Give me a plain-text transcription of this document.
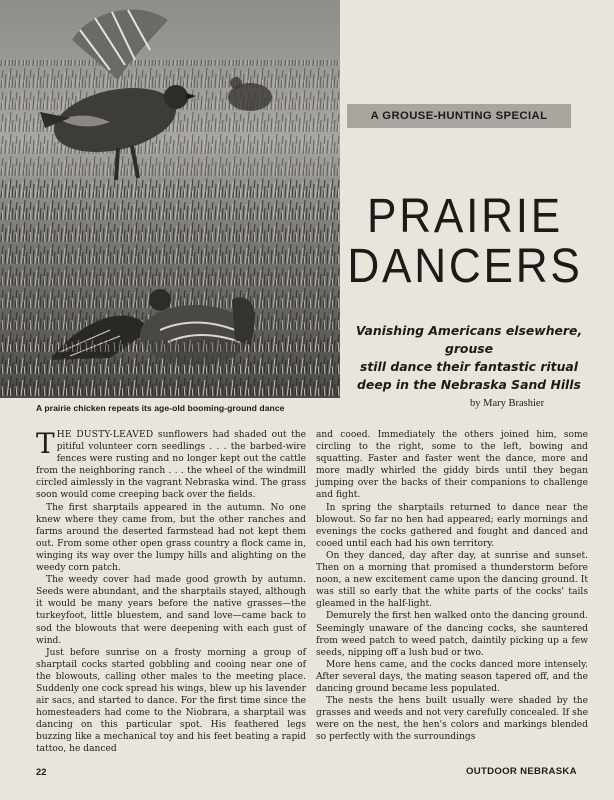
A prairie chicken repeats its age-old booming-ground dance
A GROUSE-HUNTING SPECIAL
PRAIRIE
DANCERS
Vanishing Americans elsewhere, grouse
still dance their fantastic ritual
deep in the Nebraska Sand Hills
by Mary Brashier

THE DUSTY-LEAVED sunflowers had shaded out the pitiful volunteer corn seedlings . . . the barbed-wire fences were rusting and no longer kept out the cattle from the neighboring ranch . . . the wheel of the windmill circled aimlessly in the vagrant Nebraska wind. The grass soon would come creeping back over the fields.

The first sharptails appeared in the autumn. No one knew where they came from, but the other ranches and farms around the deserted farmstead had not kept them out. From some other open grass country a flock came in, winging its way over the lumpy hills and alighting on the weedy corn patch.

The weedy cover had made good growth by autumn. Seeds were abundant, and the sharptails stayed, although it would be many years before the native grasses—the turkeyfoot, little bluestem, and sand love—came back to sod the blowouts that were deepening with each gust of wind.

Just before sunrise on a frosty morning a group of sharptail cocks started gobbling and cooing near one of the blowouts, calling other males to the meeting place. Suddenly one cock spread his wings, blew up his lavender air sacs, and started to dance. For the first time since the homesteaders had come to the Niobrara, a sharptail was dancing on this particular spot. His feathered legs buzzing like a mechanical toy and his feet beating a rapid tattoo, he danced

and cooed. Immediately the others joined him, some circling to the right, some to the left, bowing and squatting. Faster and faster went the dance, more and more madly whirled the giddy birds until they began jumping over the backs of their companions to challenge and fight.

In spring the sharptails returned to dance near the blowout. So far no hen had appeared; early mornings and evenings the cocks gathered and fought and danced and cooed until each had his own territory.

On they danced, day after day, at sunrise and sunset. Then on a morning that promised a thunderstorm before noon, a new excitement came upon the dancing ground. It was still so early that the white parts of the cocks' tails gleamed in the half-light.

Demurely the first hen walked onto the dancing ground. Seemingly unaware of the dancing cocks, she sauntered from weed patch to weed patch, daintily picking up a few seeds, nipping off a lush bud or two.

More hens came, and the cocks danced more intensely. After several days, the mating season tapered off, and the dancing ground became less populated.

The nests the hens built usually were shaded by the grasses and weeds and not very carefully concealed. If she were on the nest, the hen's colors and markings blended so perfectly with the surroundings

22	OUTDOOR NEBRASKA
